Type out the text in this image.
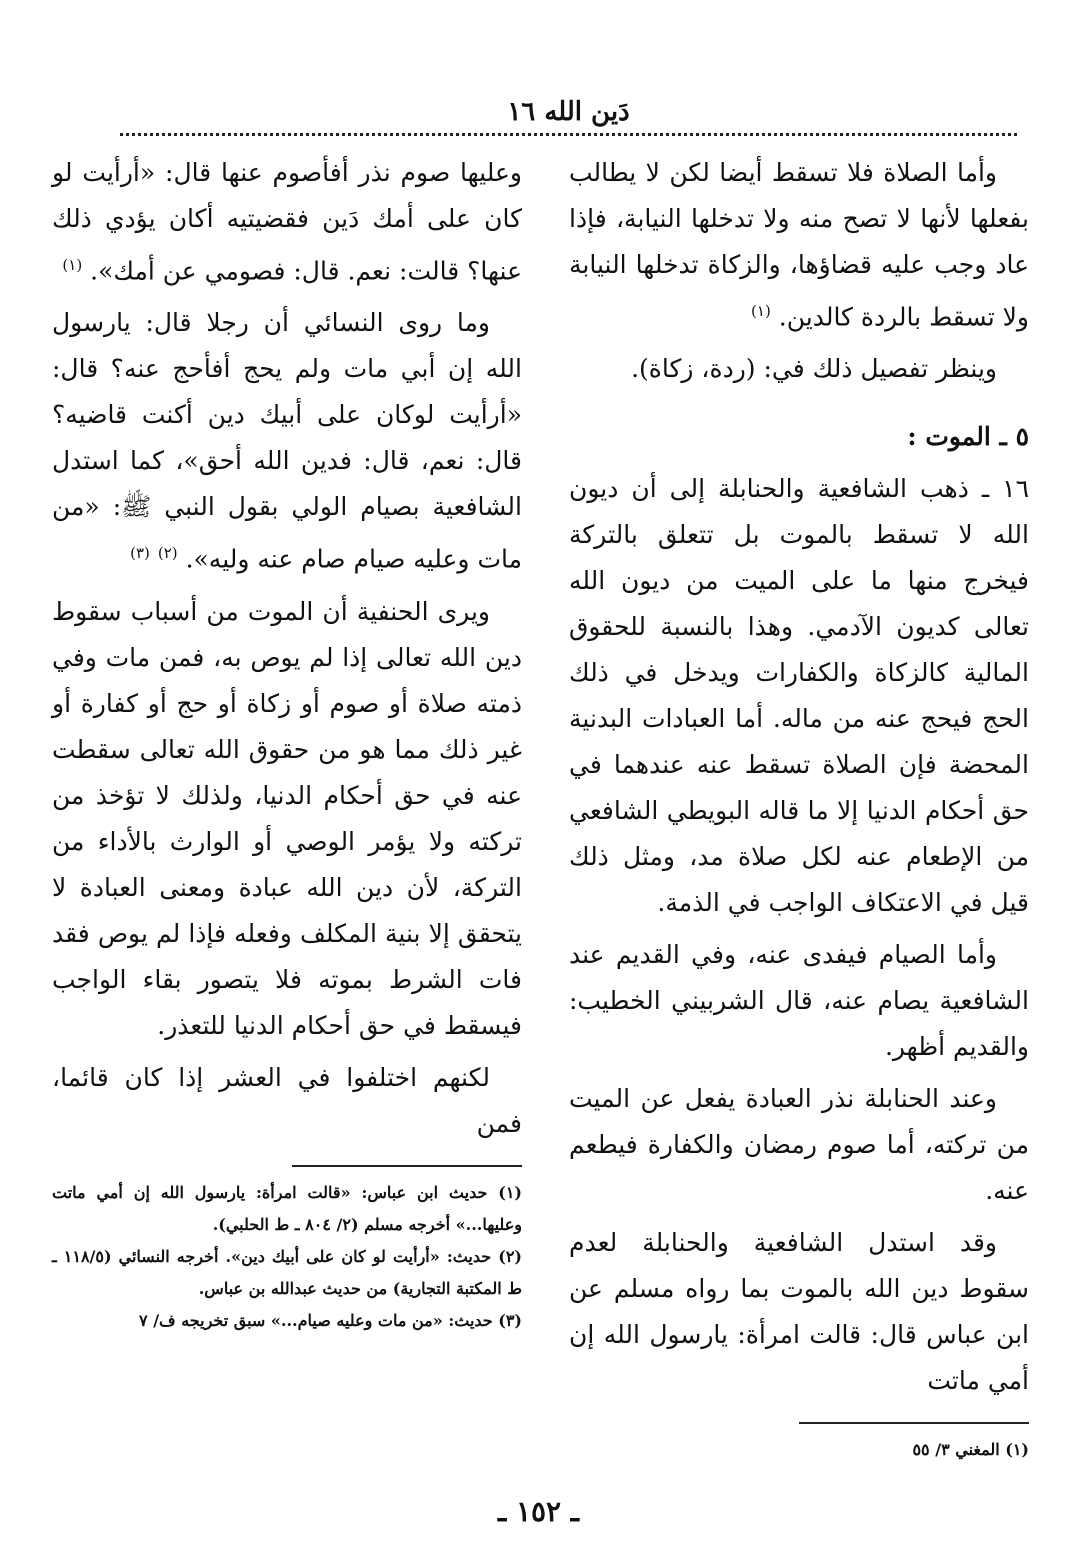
دَين الله ١٦

وأما الصلاة فلا تسقط أيضا لكن لا يطالب بفعلها لأنها لا تصح منه ولا تدخلها النيابة، فإذا عاد وجب عليه قضاؤها، والزكاة تدخلها النيابة ولا تسقط بالردة كالدين. $^{(١)}$

وينظر تفصيل ذلك في: (ردة، زكاة).

٥ ـ الموت :

١٦ ـ ذهب الشافعية والحنابلة إلى أن ديون الله لا تسقط بالموت بل تتعلق بالتركة فيخرج منها ما على الميت من ديون الله تعالى كديون الآدمي. وهذا بالنسبة للحقوق المالية كالزكاة والكفارات ويدخل في ذلك الحج فيحج عنه من ماله. أما العبادات البدنية المحضة فإن الصلاة تسقط عنه عندهما في حق أحكام الدنيا إلا ما قاله البويطي الشافعي من الإطعام عنه لكل صلاة مد، ومثل ذلك قيل في الاعتكاف الواجب في الذمة.

وأما الصيام فيفدى عنه، وفي القديم عند الشافعية يصام عنه، قال الشربيني الخطيب: والقديم أظهر.

وعند الحنابلة نذر العبادة يفعل عن الميت من تركته، أما صوم رمضان والكفارة فيطعم عنه.

وقد استدل الشافعية والحنابلة لعدم سقوط دين الله بالموت بما رواه مسلم عن ابن عباس قال: قالت امرأة: يارسول الله إن أمي ماتت

(١) المغني ٣/ ٥٥

وعليها صوم نذر أفأصوم عنها قال: «أرأيت لو كان على أمك دَين فقضيتيه أكان يؤدي ذلك عنها؟ قالت: نعم. قال: فصومي عن أمك». $^{(١)}$

وما روى النسائي أن رجلا قال: يارسول الله إن أبي مات ولم يحج أفأحج عنه؟ قال: «أرأيت لوكان على أبيك دين أكنت قاضيه؟ قال: نعم، قال: فدين الله أحق»، كما استدل الشافعية بصيام الولي بقول النبي ﷺ: «من مات وعليه صيام صام عنه وليه». $^{(٢)}$ $^{(٣)}$

ويرى الحنفية أن الموت من أسباب سقوط دين الله تعالى إذا لم يوص به، فمن مات وفي ذمته صلاة أو صوم أو زكاة أو حج أو كفارة أو غير ذلك مما هو من حقوق الله تعالى سقطت عنه في حق أحكام الدنيا، ولذلك لا تؤخذ من تركته ولا يؤمر الوصي أو الوارث بالأداء من التركة، لأن دين الله عبادة ومعنى العبادة لا يتحقق إلا بنية المكلف وفعله فإذا لم يوص فقد فات الشرط بموته فلا يتصور بقاء الواجب فيسقط في حق أحكام الدنيا للتعذر.

لكنهم اختلفوا في العشر إذا كان قائما، فمن

(١) حديث ابن عباس: «قالت امرأة: يارسول الله إن أمي ماتت وعليها...» أخرجه مسلم (٢/ ٨٠٤ ـ ط الحلبي).
(٢) حديث: «أرأيت لو كان على أبيك دين». أخرجه النسائي (١١٨/٥ ـ ط المكتبة التجارية) من حديث عبدالله بن عباس.
(٣) حديث: «من مات وعليه صيام...» سبق تخريجه ف/ ٧
ـ ١٥٢ ـ
